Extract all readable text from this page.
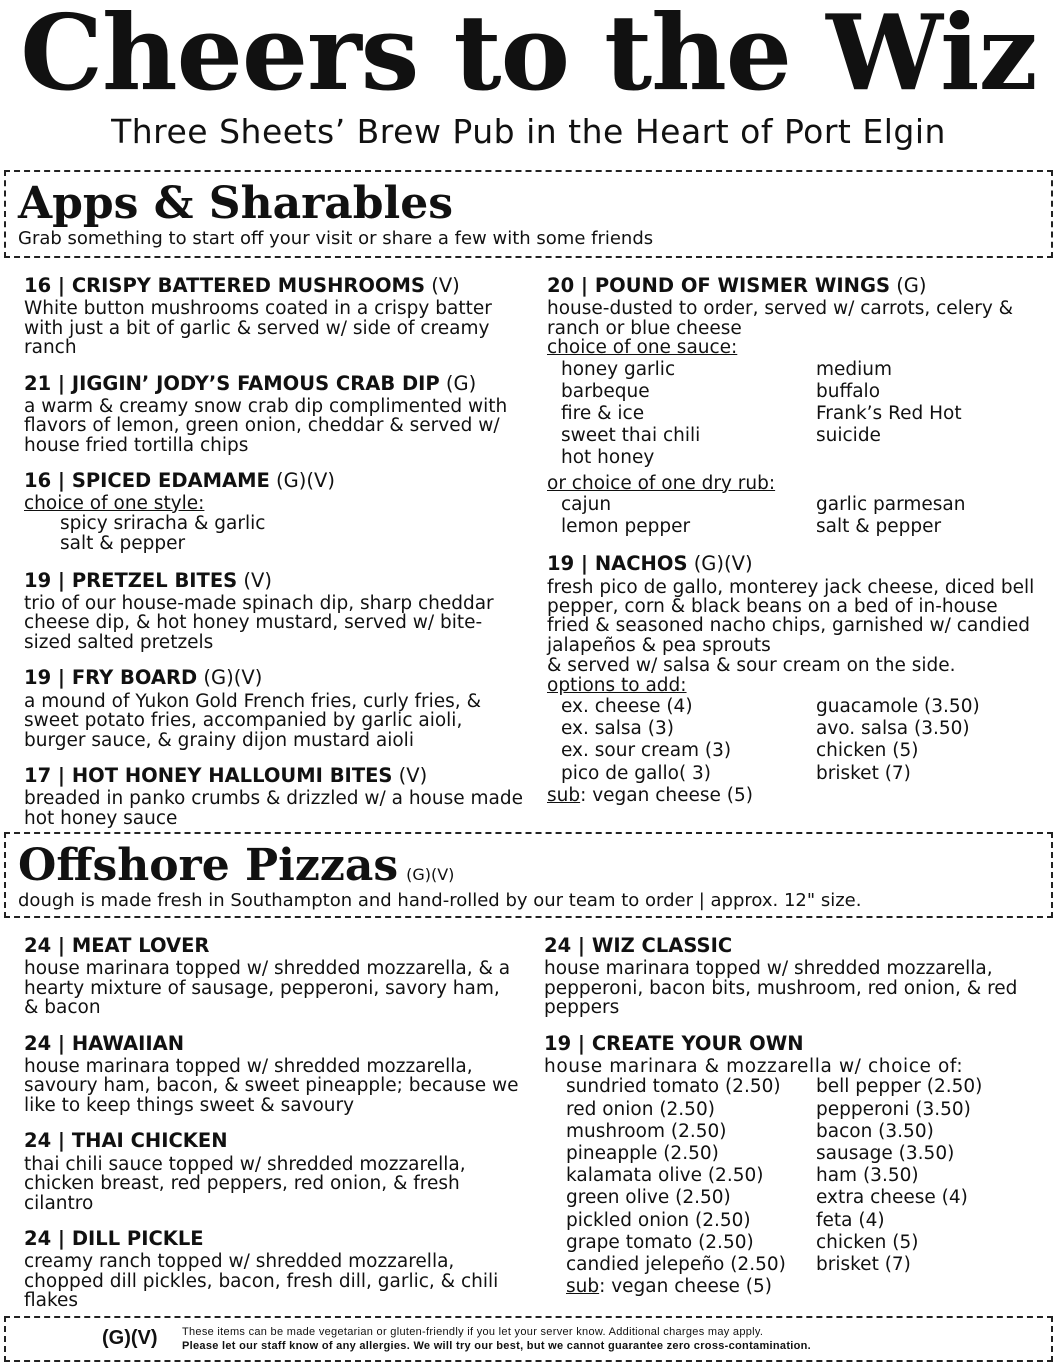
Cheers to the Wiz
Three Sheets’ Brew Pub in the Heart of Port Elgin
Apps & Sharables
Grab something to start off your visit or share a few with some friends

16 | CRISPY BATTERED MUSHROOMS (V)

White button mushrooms coated in a crispy batter with just a bit of garlic & served w/ side of creamy ranch

21 | JIGGIN’ JODY’S FAMOUS CRAB DIP (G)

a warm & creamy snow crab dip complimented with flavors of lemon, green onion, cheddar & served w/ house fried tortilla chips

16 | SPICED EDAMAME (G)(V)

choice of one style:
spicy sriracha & garlic
salt & pepper

19 | PRETZEL BITES (V)

trio of our house-made spinach dip, sharp cheddar cheese dip, & hot honey mustard, served w/ bite-sized salted pretzels

19 | FRY BOARD (G)(V)

a mound of Yukon Gold French fries, curly fries, & sweet potato fries, accompanied by garlic aioli, burger sauce, & grainy dijon mustard aioli

17 | HOT HONEY HALLOUMI BITES (V)

breaded in panko crumbs & drizzled w/ a house made hot honey sauce

20 | POUND OF WISMER WINGS (G)

house-dusted to order, served w/ carrots, celery & ranch or blue cheese

choice of one sauce:
honey garlic	medium
barbeque	buffalo
fire & ice	Frank’s Red Hot
sweet thai chili	suicide
hot honey
or choice of one dry rub:
cajun	garlic parmesan
lemon pepper	salt & pepper

19 | NACHOS (G)(V)

fresh pico de gallo, monterey jack cheese, diced bell pepper, corn & black beans on a bed of in-house fried & seasoned nacho chips, garnished w/ candied jalapeños & pea sprouts

& served w/ salsa & sour cream on the side.

options to add:
ex. cheese (4)	guacamole (3.50)
ex. salsa (3)	avo. salsa (3.50)
ex. sour cream (3)	chicken (5)
pico de gallo( 3)	brisket (7)
sub: vegan cheese (5)
Offshore Pizzas (G)(V)
dough is made fresh in Southampton and hand-rolled by our team to order | approx. 12" size.

24 | MEAT LOVER

house marinara topped w/ shredded mozzarella, & a hearty mixture of sausage, pepperoni, savory ham, & bacon

24 | HAWAIIAN

house marinara topped w/ shredded mozzarella, savoury ham, bacon, & sweet pineapple; because we like to keep things sweet & savoury

24 | THAI CHICKEN

thai chili sauce topped w/ shredded mozzarella, chicken breast, red peppers, red onion, & fresh cilantro

24 | DILL PICKLE

creamy ranch topped w/ shredded mozzarella, chopped dill pickles, bacon, fresh dill, garlic, & chili flakes

24 | WIZ CLASSIC

house marinara topped w/ shredded mozzarella, pepperoni, bacon bits, mushroom, red onion, & red peppers

19 | CREATE YOUR OWN

house marinara & mozzarella w/ choice of:

sundried tomato (2.50)	bell pepper (2.50)
red onion (2.50)	pepperoni (3.50)
mushroom (2.50)	bacon (3.50)
pineapple (2.50)	sausage (3.50)
kalamata olive (2.50)	ham (3.50)
green olive (2.50)	extra cheese (4)
pickled onion (2.50)	feta (4)
grape tomato (2.50)	chicken (5)
candied jelepeño (2.50)	brisket (7)
sub: vegan cheese (5)
(G)(V) These items can be made vegetarian or gluten-friendly if you let your server know. Additional charges may apply.
Please let our staff know of any allergies. We will try our best, but we cannot guarantee zero cross-contamination.
